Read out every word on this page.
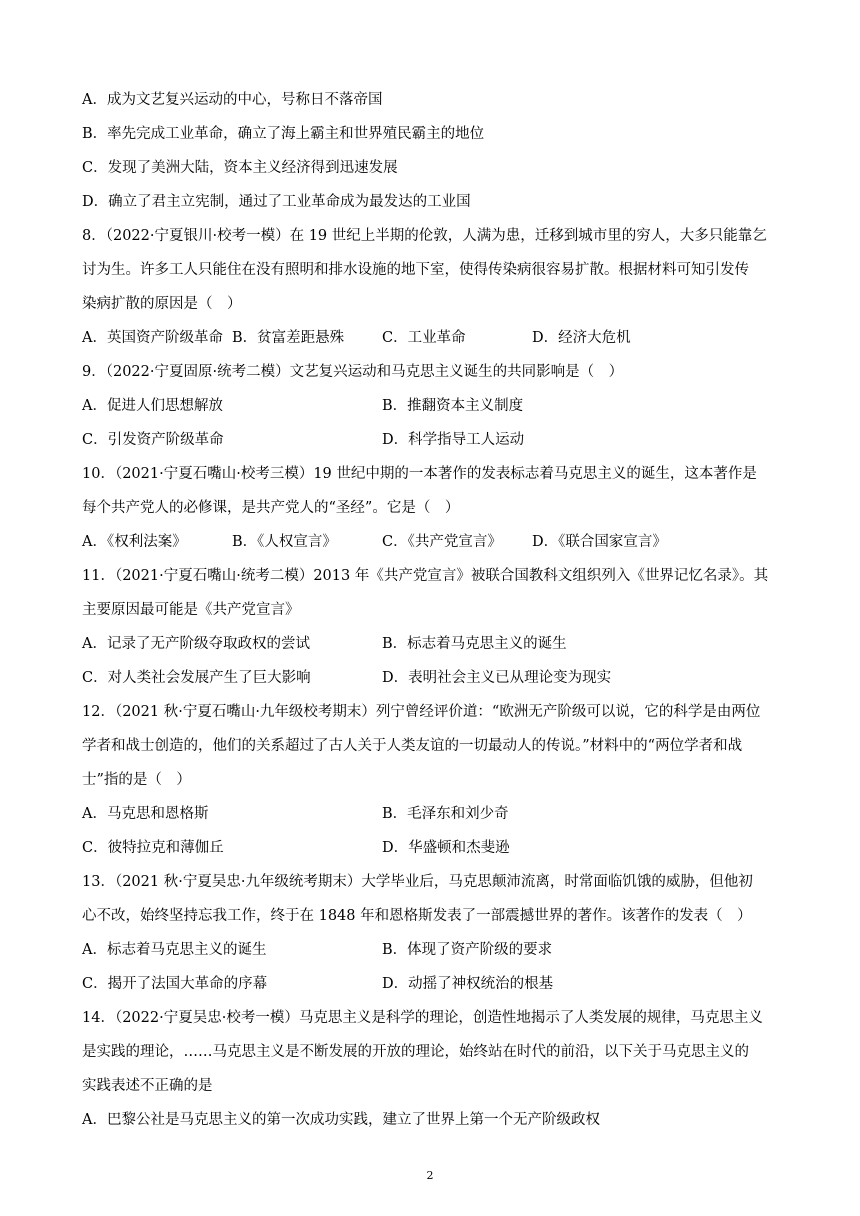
A．成为文艺复兴运动的中心，号称日不落帝国
B．率先完成工业革命，确立了海上霸主和世界殖民霸主的地位
C．发现了美洲大陆，资本主义经济得到迅速发展
D．确立了君主立宪制，通过了工业革命成为最发达的工业国
8．（2022·宁夏银川·校考一模）在 19 世纪上半期的伦敦，人满为患，迁移到城市里的穷人，大多只能靠乞
讨为生。许多工人只能住在没有照明和排水设施的地下室，使得传染病很容易扩散。根据材料可知引发传
染病扩散的原因是（　）
A．英国资产阶级革命 B．贫富差距悬殊	C．工业革命	D．经济大危机
9．（2022·宁夏固原·统考二模）文艺复兴运动和马克思主义诞生的共同影响是（　）
A．促进人们思想解放	B．推翻资本主义制度
C．引发资产阶级革命	D．科学指导工人运动
10．（2021·宁夏石嘴山·校考三模）19 世纪中期的一本著作的发表标志着马克思主义的诞生，这本著作是
每个共产党人的必修课，是共产党人的“圣经”。它是（　）
A．《权利法案》	B．《人权宣言》	C．《共产党宣言》 D．《联合国家宣言》
11．（2021·宁夏石嘴山·统考二模）2013 年《共产党宣言》被联合国教科文组织列入《世界记忆名录》。其
主要原因最可能是《共产党宣言》
A．记录了无产阶级夺取政权的尝试	B．标志着马克思主义的诞生
C．对人类社会发展产生了巨大影响	D．表明社会主义已从理论变为现实
12．（2021 秋·宁夏石嘴山·九年级校考期末）列宁曾经评价道：“欧洲无产阶级可以说，它的科学是由两位
学者和战士创造的，他们的关系超过了古人关于人类友谊的一切最动人的传说。”材料中的“两位学者和战
士”指的是（　）
A．马克思和恩格斯	B．毛泽东和刘少奇
C．彼特拉克和薄伽丘	D．华盛顿和杰斐逊
13．（2021 秋·宁夏吴忠·九年级统考期末）大学毕业后，马克思颠沛流离，时常面临饥饿的威胁，但他初
心不改，始终坚持忘我工作，终于在 1848 年和恩格斯发表了一部震撼世界的著作。该著作的发表（　）
A．标志着马克思主义的诞生	B．体现了资产阶级的要求
C．揭开了法国大革命的序幕	D．动摇了神权统治的根基
14．（2022·宁夏吴忠·校考一模）马克思主义是科学的理论，创造性地揭示了人类发展的规律，马克思主义
是实践的理论，……马克思主义是不断发展的开放的理论，始终站在时代的前沿，以下关于马克思主义的
实践表述不正确的是
A．巴黎公社是马克思主义的第一次成功实践，建立了世界上第一个无产阶级政权
2
